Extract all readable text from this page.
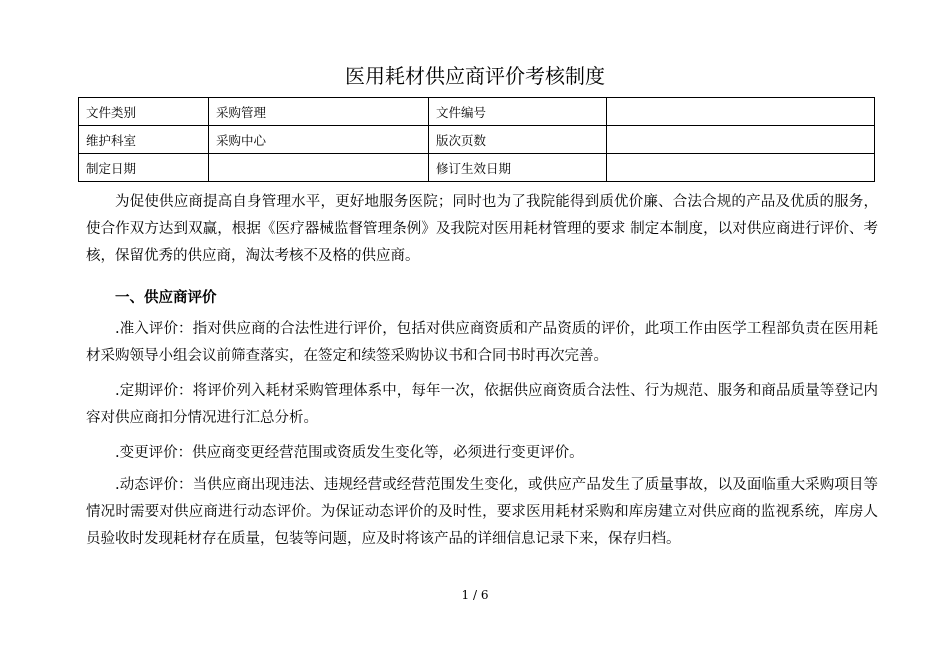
医用耗材供应商评价考核制度
文件类别	采购管理	文件编号	
维护科室	采购中心	版次页数	
制定日期		修订生效日期	

为促使供应商提高自身管理水平，更好地服务医院；同时也为了我院能得到质优价廉、合法合规的产品及优质的服务，使合作双方达到双赢，根据《医疗器械监督管理条例》及我院对医用耗材管理的要求 制定本制度，以对供应商进行评价、考核，保留优秀的供应商，淘汰考核不及格的供应商。

一、供应商评价

.准入评价：指对供应商的合法性进行评价，包括对供应商资质和产品资质的评价，此项工作由医学工程部负责在医用耗材采购领导小组会议前筛查落实，在签定和续签采购协议书和合同书时再次完善。

.定期评价：将评价列入耗材采购管理体系中，每年一次，依据供应商资质合法性、行为规范、服务和商品质量等登记内容对供应商扣分情况进行汇总分析。

.变更评价：供应商变更经营范围或资质发生变化等，必须进行变更评价。

.动态评价：当供应商出现违法、违规经营或经营范围发生变化，或供应产品发生了质量事故，以及面临重大采购项目等情况时需要对供应商进行动态评价。为保证动态评价的及时性，要求医用耗材采购和库房建立对供应商的监视系统，库房人员验收时发现耗材存在质量，包装等问题，应及时将该产品的详细信息记录下来，保存归档。

1 / 6
